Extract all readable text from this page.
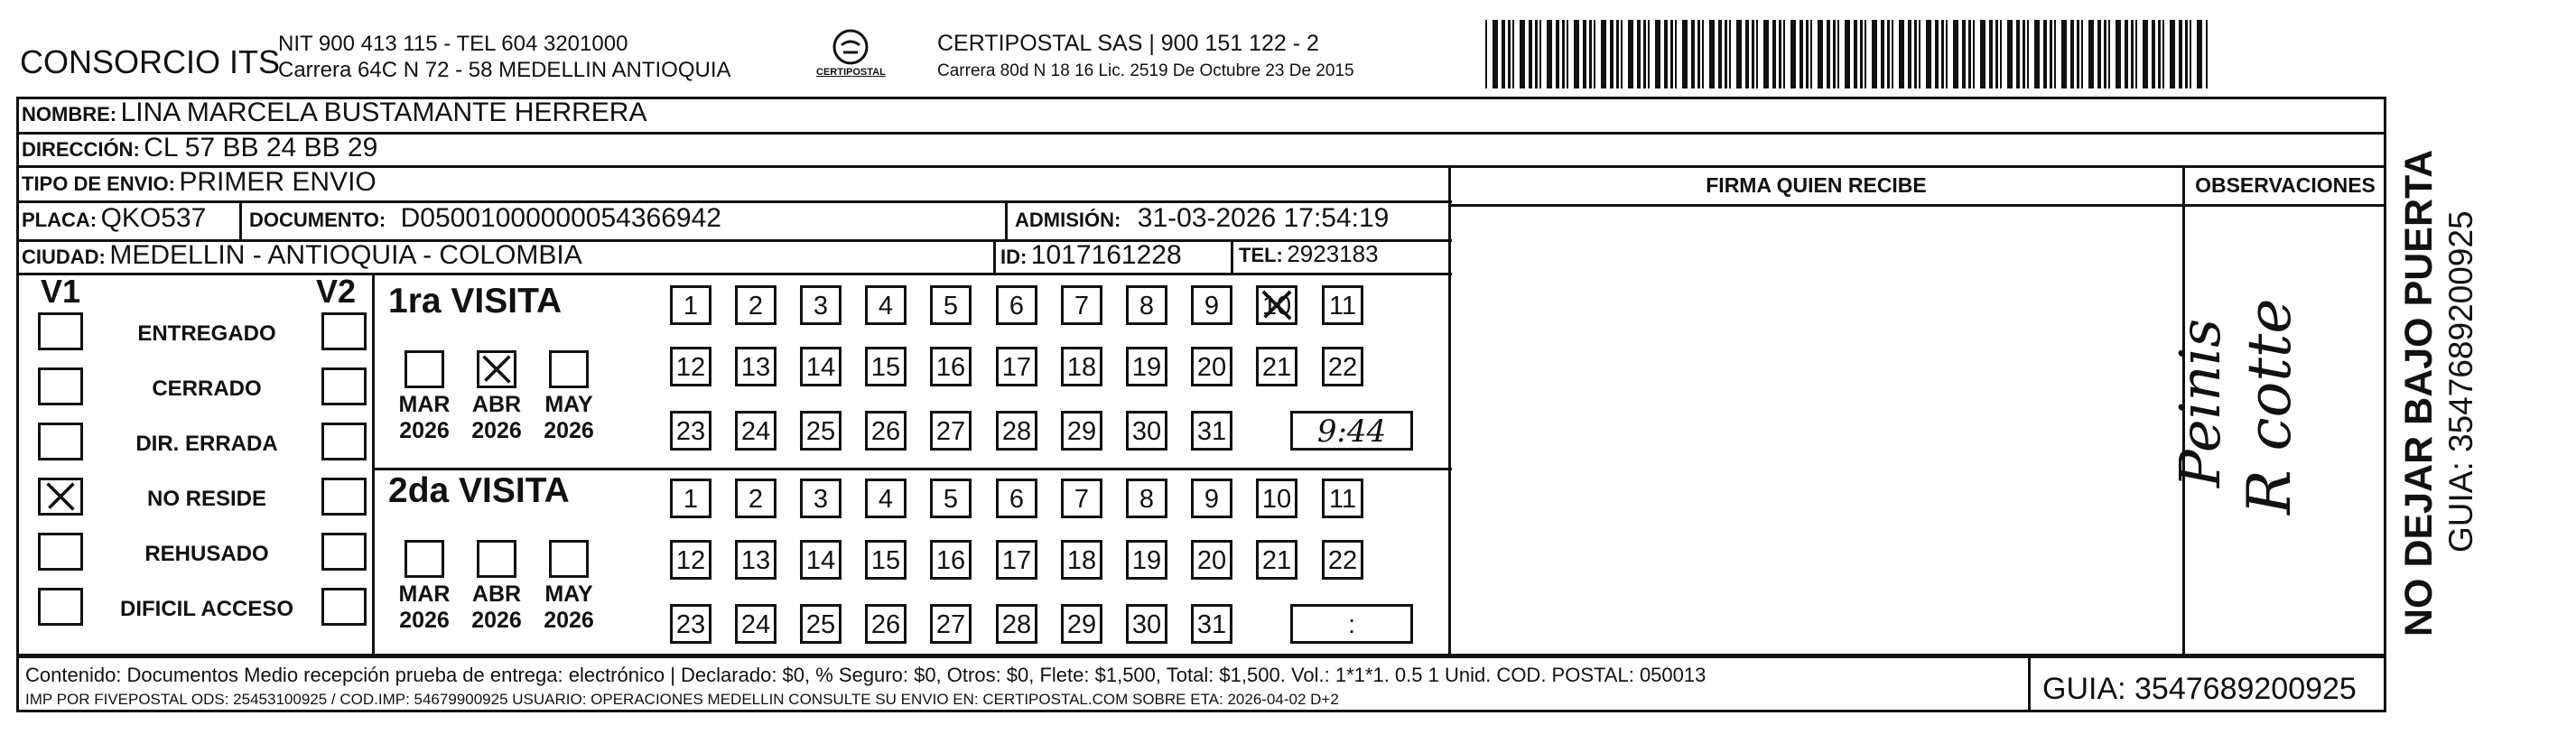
CONSORCIO ITS
NIT 900 413 115 - TEL 604 3201000
Carrera 64C N 72 - 58 MEDELLIN ANTIOQUIA	CERTIPOSTAL
CERTIPOSTAL SAS | 900 151 122 - 2
Carrera 80d N 18 16 Lic. 2519 De Octubre 23 De 2015
NOMBRE: LINA MARCELA BUSTAMANTE HERRERA
DIRECCIÓN: CL 57 BB 24 BB 29
TIPO DE ENVIO: PRIMER ENVIO
PLACA: QKO537 DOCUMENTO: D05001000000054366942	ADMISIÓN: 31-03-2026 17:54:19
CIUDAD: MEDELLIN - ANTIOQUIA - COLOMBIA	ID: 1017161228	TEL: 2923183
FIRMA QUIEN RECIBE	OBSERVACIONES
Peinis R cotte
V1	V2
ENTREGADO
CERRADO
DIR. ERRADA
NO RESIDE
REHUSADO
DIFICIL ACCESO
1ra VISITA
MAR
2026
ABR
2026
MAY
2026
1	2	3	4	5	6	7	8	9	10 11
12 13 14 15 16 17 18 19 20 21 22
23 24 25 26 27 28 29 30 31	9:44
2da VISITA
MAR
2026
ABR
2026
MAY
2026
1	2	3	4	5	6	7	8	9	10 11
12 13 14 15 16 17 18 19 20 21 22
23 24 25 26 27 28 29 30 31	:
Contenido: Documentos Medio recepción prueba de entrega: electrónico | Declarado: $0, % Seguro: $0, Otros: $0, Flete: $1,500, Total: $1,500. Vol.: 1*1*1. 0.5 1 Unid. COD. POSTAL: 050013
IMP POR FIVEPOSTAL ODS: 25453100925 / COD.IMP: 54679900925 USUARIO: OPERACIONES MEDELLIN CONSULTE SU ENVIO EN: CERTIPOSTAL.COM SOBRE ETA: 2026-04-02 D+2	GUIA: 3547689200925
NO DEJAR BAJO PUERTA GUIA: 3547689200925
